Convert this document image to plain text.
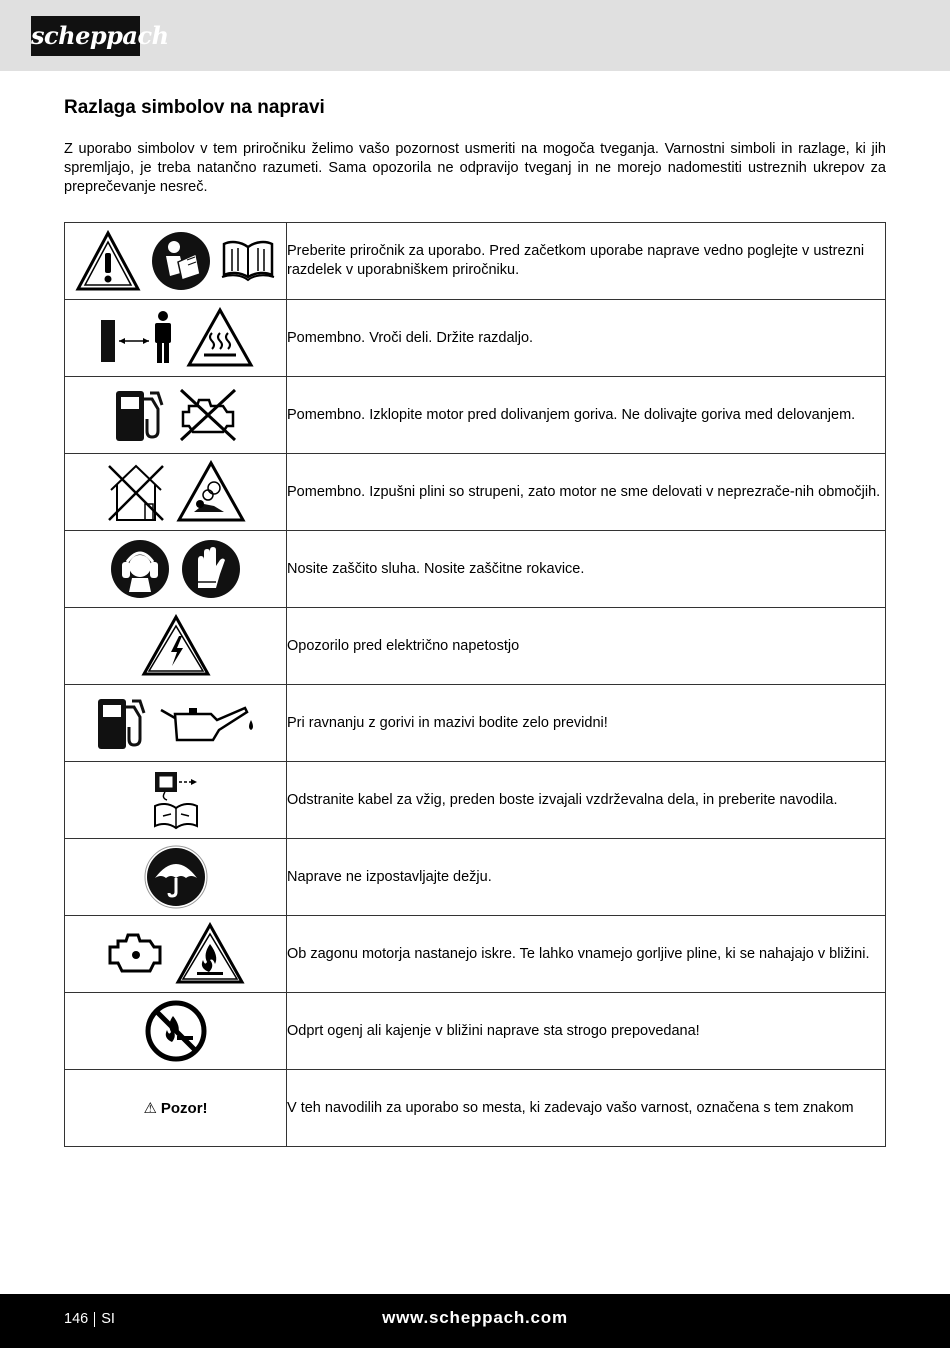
scheppach
Razlaga simbolov na napravi

Z uporabo simbolov v tem priročniku želimo vašo pozornost usmeriti na mogoča tveganja. Varnostni simboli in razlage, ki jih spremljajo, je treba natančno razumeti. Sama opozorila ne odpravijo tveganj in ne morejo nadomestiti ustreznih ukrepov za preprečevanje nesreč.

	Preberite priročnik za uporabo. Pred začetkom uporabe naprave vedno poglejte v ustrezni razdelek v uporabniškem priročniku.
	Pomembno. Vroči deli. Držite razdaljo.
	Pomembno. Izklopite motor pred dolivanjem goriva. Ne dolivajte goriva med delovanjem.
	Pomembno. Izpušni plini so strupeni, zato motor ne sme delovati v neprezrače-nih območjih.
	Nosite zaščito sluha. Nosite zaščitne rokavice.
	Opozorilo pred električno napetostjo
	Pri ravnanju z gorivi in mazivi bodite zelo previdni!
	Odstranite kabel za vžig, preden boste izvajali vzdrževalna dela, in preberite navodila.
	Naprave ne izpostavljajte dežju.
	Ob zagonu motorja nastanejo iskre. Te lahko vnamejo gorljive pline, ki se nahajajo v bližini.
	Odprt ogenj ali kajenje v bližini naprave sta strogo prepovedana!
⚠ Pozor!	V teh navodilih za uporabo so mesta, ki zadevajo vašo varnost, označena s tem znakom
146 SI	www.scheppach.com
